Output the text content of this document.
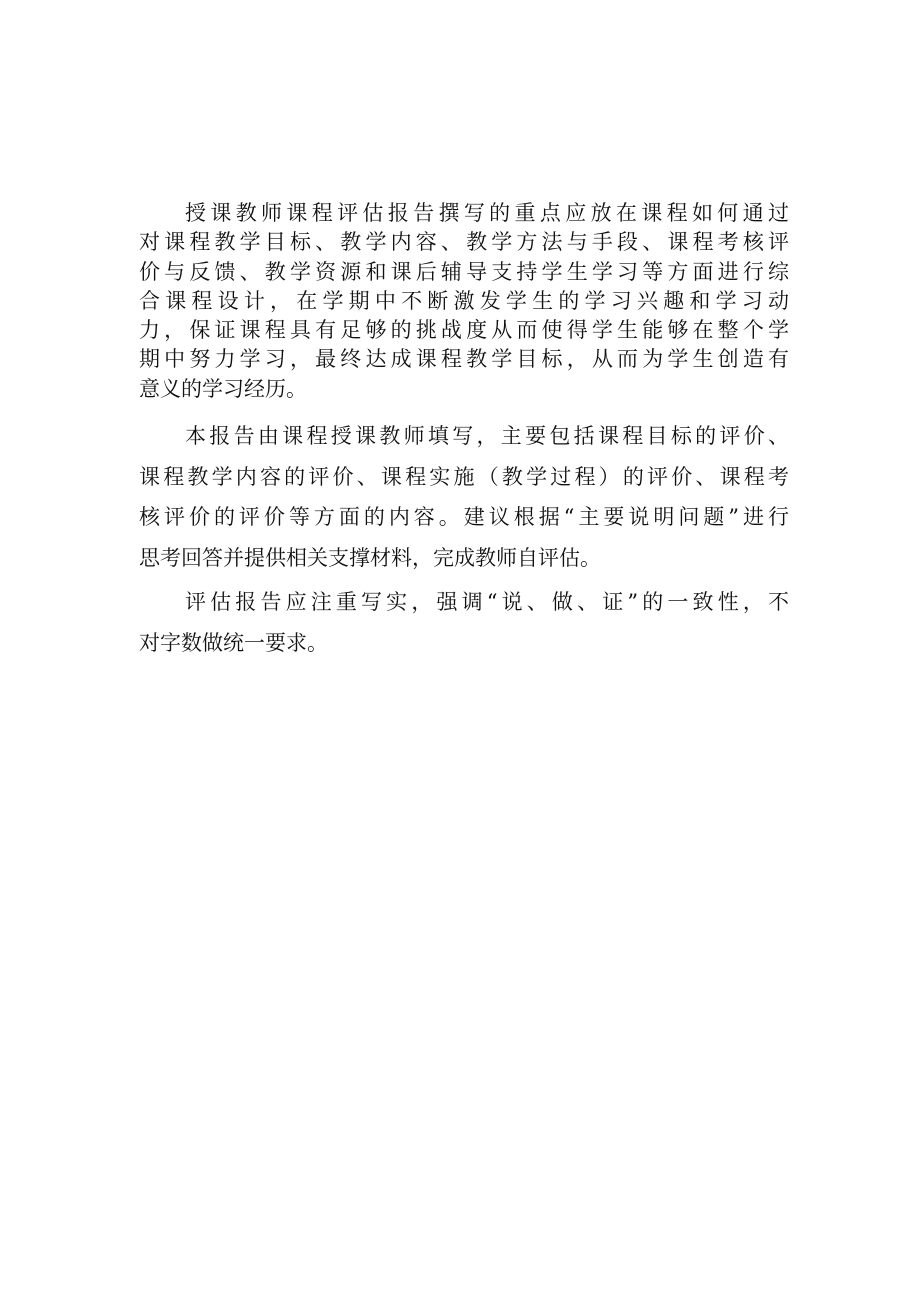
授课教师课程评估报告撰写的重点应放在课程如何通过
对课程教学目标、教学内容、教学方法与手段、课程考核评
价与反馈、教学资源和课后辅导支持学生学习等方面进行综
合课程设计，在学期中不断激发学生的学习兴趣和学习动
力，保证课程具有足够的挑战度从而使得学生能够在整个学
期中努力学习，最终达成课程教学目标，从而为学生创造有
意义的学习经历。
本报告由课程授课教师填写，主要包括课程目标的评价、
课程教学内容的评价、课程实施（教学过程）的评价、课程考
核评价的评价等方面的内容。建议根据“主要说明问题”进行
思考回答并提供相关支撑材料，完成教师自评估。
评估报告应注重写实，强调“说、做、证”的一致性，不
对字数做统一要求。
